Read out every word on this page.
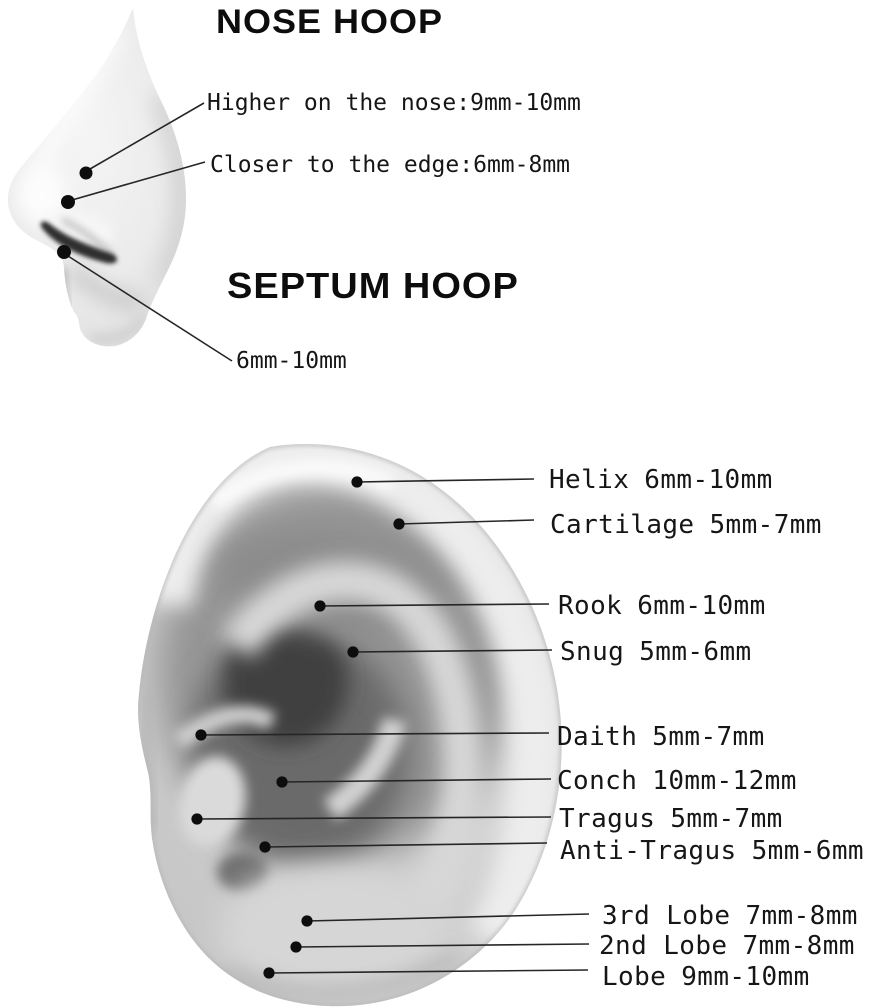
NOSE HOOP
Higher on the nose:9mm-10mm
Closer to the edge:6mm-8mm
SEPTUM HOOP
6mm-10mm
Helix 6mm-10mm
Cartilage 5mm-7mm
Rook 6mm-10mm
Snug 5mm-6mm
Daith 5mm-7mm
Conch 10mm-12mm
Tragus 5mm-7mm
Anti-Tragus 5mm-6mm
3rd Lobe 7mm-8mm
2nd Lobe 7mm-8mm
Lobe 9mm-10mm
